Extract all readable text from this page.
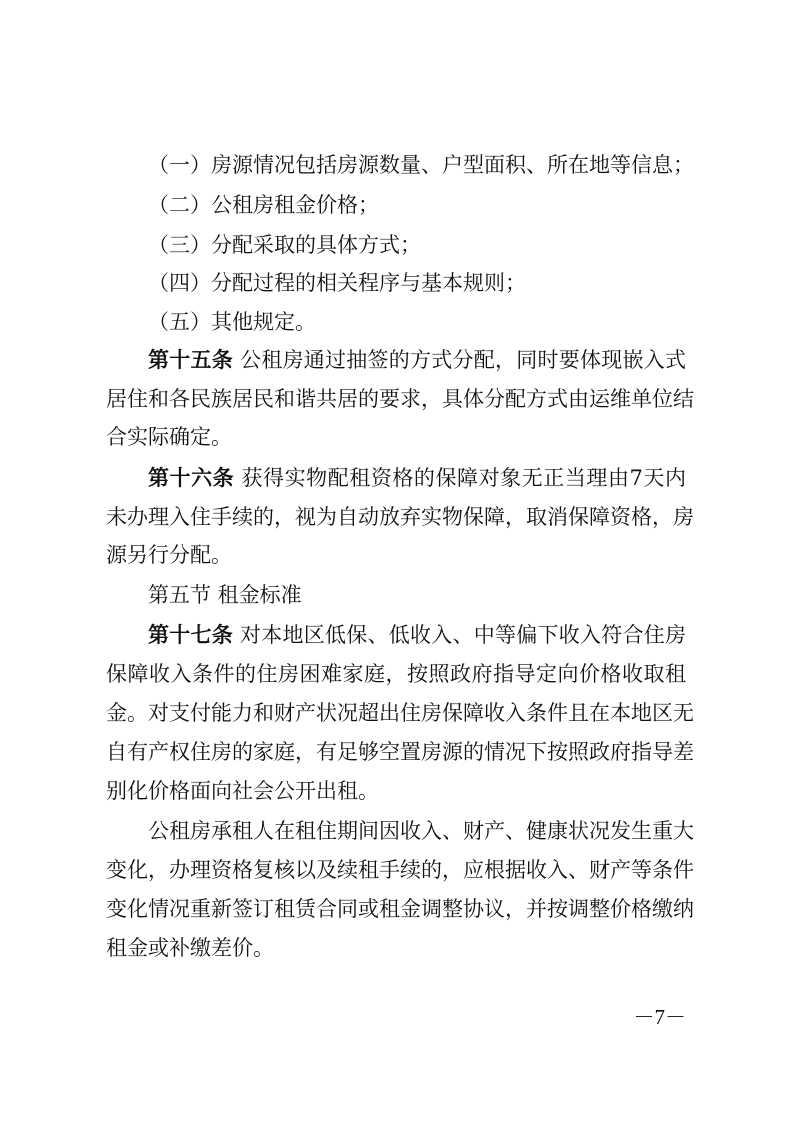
（一）房源情况包括房源数量、户型面积、所在地等信息；
（二）公租房租金价格；
（三）分配采取的具体方式；
（四）分配过程的相关程序与基本规则；
（五）其他规定。
第十五条 公租房通过抽签的方式分配，同时要体现嵌入式
居住和各民族居民和谐共居的要求，具体分配方式由运维单位结
合实际确定。
第十六条 获得实物配租资格的保障对象无正当理由7天内
未办理入住手续的，视为自动放弃实物保障，取消保障资格，房
源另行分配。
第五节 租金标准
第十七条 对本地区低保、低收入、中等偏下收入符合住房
保障收入条件的住房困难家庭，按照政府指导定向价格收取租
金。对支付能力和财产状况超出住房保障收入条件且在本地区无
自有产权住房的家庭，有足够空置房源的情况下按照政府指导差
别化价格面向社会公开出租。
公租房承租人在租住期间因收入、财产、健康状况发生重大
变化，办理资格复核以及续租手续的，应根据收入、财产等条件
变化情况重新签订租赁合同或租金调整协议，并按调整价格缴纳
租金或补缴差价。
－7－
